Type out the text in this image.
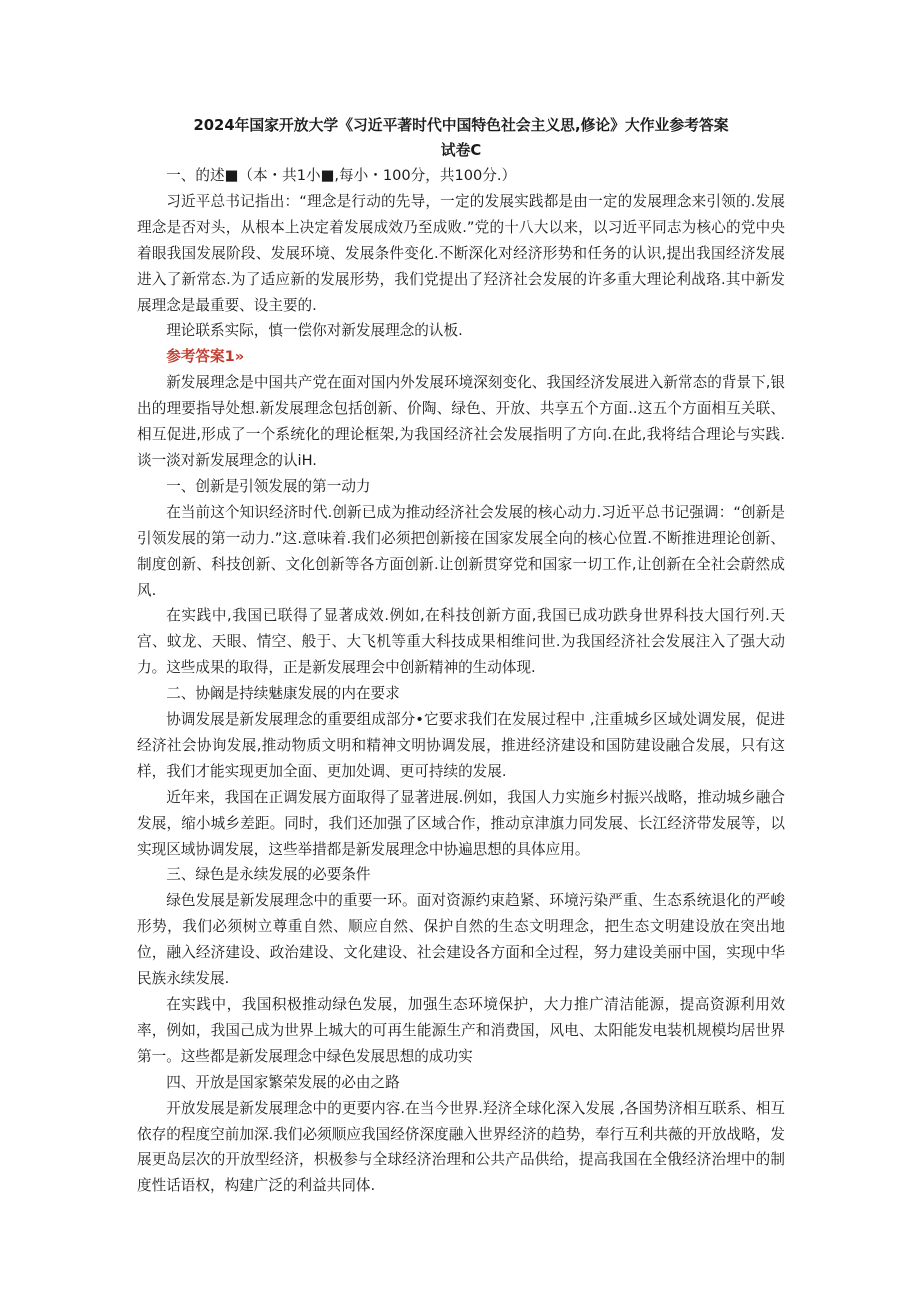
2024年国家开放大学《习近平著时代中国特色社会主义思,修论》大作业参考答案
试卷C

一、的述■（本・共1小■,每小・100分，共100分.）

习近平总书记指出：“理念是行动的先导，一定的发展实践都是由一定的发展理念来引领的.发展理念是否对头，从根本上决定着发展成效乃至成败.”党的十八大以来，以习近平同志为核心的党中央着眼我国发展阶段、发展环境、发展条件变化.不断深化对经济形势和任务的认识,提出我国经济发展进入了新常态.为了适应新的发展形势，我们党提出了羟济社会发展的许多重大理论利战珞.其中新发展理念是最重要、设主要的.

理论联系实际，慎一偿你对新发展理念的认板.

参考答案1»

新发展理念是中国共产党在面对国内外发展环境深刻变化、我国经济发展进入新常态的背景下,银出的理要指导处想.新发展理念包括创新、价陶、绿色、开放、共享五个方面..这五个方面相互关联、相互促进,形成了一个系统化的理论框架,为我国经济社会发展指明了方向.在此,我将结合理论与实践.谈一淡对新发展理念的认iH.

一、创新是引领发展的第一动力

在当前这个知识经济时代.创新已成为推动经济社会发展的核心动力.习近平总书记强调：“创新是引领发展的第一动力.”这.意味着.我们必须把创新接在国家发展全向的核心位置.不断推进理论创新、制度创新、科技创新、文化创新等各方面创新.让创新贯穿党和国家一切工作,让创新在全社会蔚然成风.

在实践中,我国已联得了显著成效.例如,在科技创新方面,我国已成功跌身世界科技大国行列.天宫、蚊龙、天眼、情空、般于、大飞机等重大科技成果相维问世.为我国经济社会发展注入了强大动力。这些成果的取得，正是新发展理会中创新精神的生动体现.

二、协阚是持续魅康发展的内在要求

协调发展是新发展理念的重要组成部分•它要求我们在发展过程中 ,注重城乡区域处调发展，促进经济社会协询发展,推动物质文明和精神文明协调发展，推进经济建设和国防建设融合发展，只有这样，我们才能实现更加全面、更加处调、更可持续的发展.

近年来，我国在正调发展方面取得了显著进展.例如，我国人力实施乡村振兴战略，推动城乡融合发展，缩小城乡差距。同时，我们还加强了区域合作，推动京津旗力同发展、长江经济带发展等，以实现区域协调发展，这些举措都是新发展理念中协遍思想的具体应用。

三、绿色是永续发展的必要条件

绿色发展是新发展理念中的重要一环。面对资源约束趋紧、环境污染严重、生态系统退化的严峻形势，我们必须树立尊重自然、顺应自然、保护自然的生态文明理念，把生态文明建设放在突出地位，融入经济建设、政治建设、文化建设、社会建设各方面和全过程，努力建设美丽中国，实现中华民族永续发展.

在实践中，我国积极推动绿色发展，加强生态环境保护，大力推广清洁能源，提高资源利用效率，例如，我国己成为世界上城大的可再生能源生产和消费国，风电、太阳能发电装机规模均居世界第一。这些都是新发展理念中绿色发展思想的成功实

四、开放是国家繁荣发展的必由之路

开放发展是新发展理念中的更要内容.在当今世界.羟济全球化深入发展 ,各国势济相互联系、相互依存的程度空前加深.我们必须顺应我国经侪深度融入世界经济的趋势，奉行互利共薇的开放战略，发展更岛层次的开放型经济，枳极参与全球经济治理和公共产品供给，提高我国在全俄经济治埋中的制度性话语权，构建广泛的利益共同体.
